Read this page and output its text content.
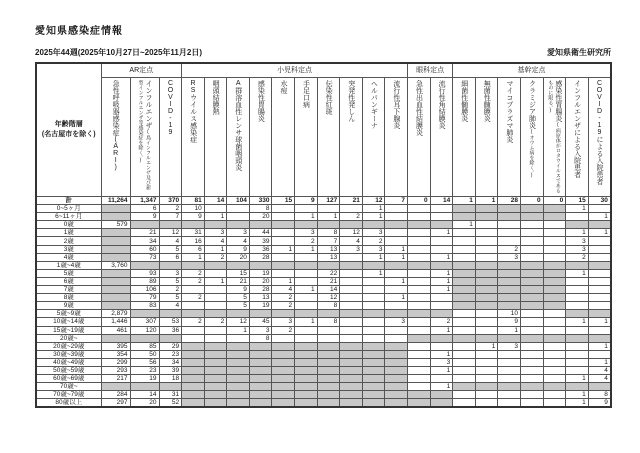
愛知県感染症情報
2025年44週(2025年10月27日~2025年11月2日)	愛知県衛生研究所
年齢階層
(名古屋市を除く)	AR定点			小児科定点										眼科定点		基幹定点						

	急性呼吸器感染症(ARI)	インフルエンザ(鳥インフルエンザ及び新型インフルエンザ等感染症を除く。)	COVID-19	RSウイルス感染症	咽頭結膜熱	A群溶血性レンサ球菌咽頭炎	感染性胃腸炎	水痘	手足口病	伝染性紅斑	突発性発しん	ヘルパンギーナ	流行性耳下腺炎	急性出血性結膜炎	流行性角結膜炎	細菌性髄膜炎	無菌性髄膜炎	マイコプラズマ肺炎	クラミジア肺炎(オウム病を除く。)	感染性胃腸炎(病原体がロタウイルスであるものに限る。)	インフルエンザによる入院患者	COVID-19による入院患者

計	11,264	1,347	370	81	14	104	330	15	9	127	21	12	7	0	14	1	1	28	0	0	15	30
0~5ヶ月		6	2	10			8					1									1	
6~11ヶ月		9	7	9	1		20		1	1	2	1										1
0歳	579															1						
1歳		21	12	31	3	3	44		3	8	12	3			1						1	1
2歳		34	4	16	4	4	39		2	7	4	2									3	
3歳		60	5	6	1	9	36	1	1	13	3	3	1					2			3	
4歳		73	6	1	2	20	28			13		1	1		1			3			2	
1歳~4歳	3,760																					
5歳		93	3	2		15	19			22		1			1						1	
6歳		89	5	2	1	21	20	1		21			1		1							
7歳		106	2			9	28	4	1	14					1							
8歳		79	5	2		5	13	2		12			1									
9歳		83	4			5	19	2		8												
5歳~9歳	2,879																	10				
10歳~14歳	1,446	307	53	2	2	12	45	3	1	8			3		2			9			1	1
15歳~19歳	461	120	36			1	3	2							1			1				
20歳~							8															
20歳~29歳	395	85	29														1	3				1
30歳~39歳	354	50	23												1							
40歳~49歳	299	56	34												3							1
50歳~59歳	293	23	39												1							4
60歳~69歳	217	19	18																		1	4
70歳~															1							
70歳~79歳	284	14	31																		1	8
80歳以上	297	20	52																		1	9
